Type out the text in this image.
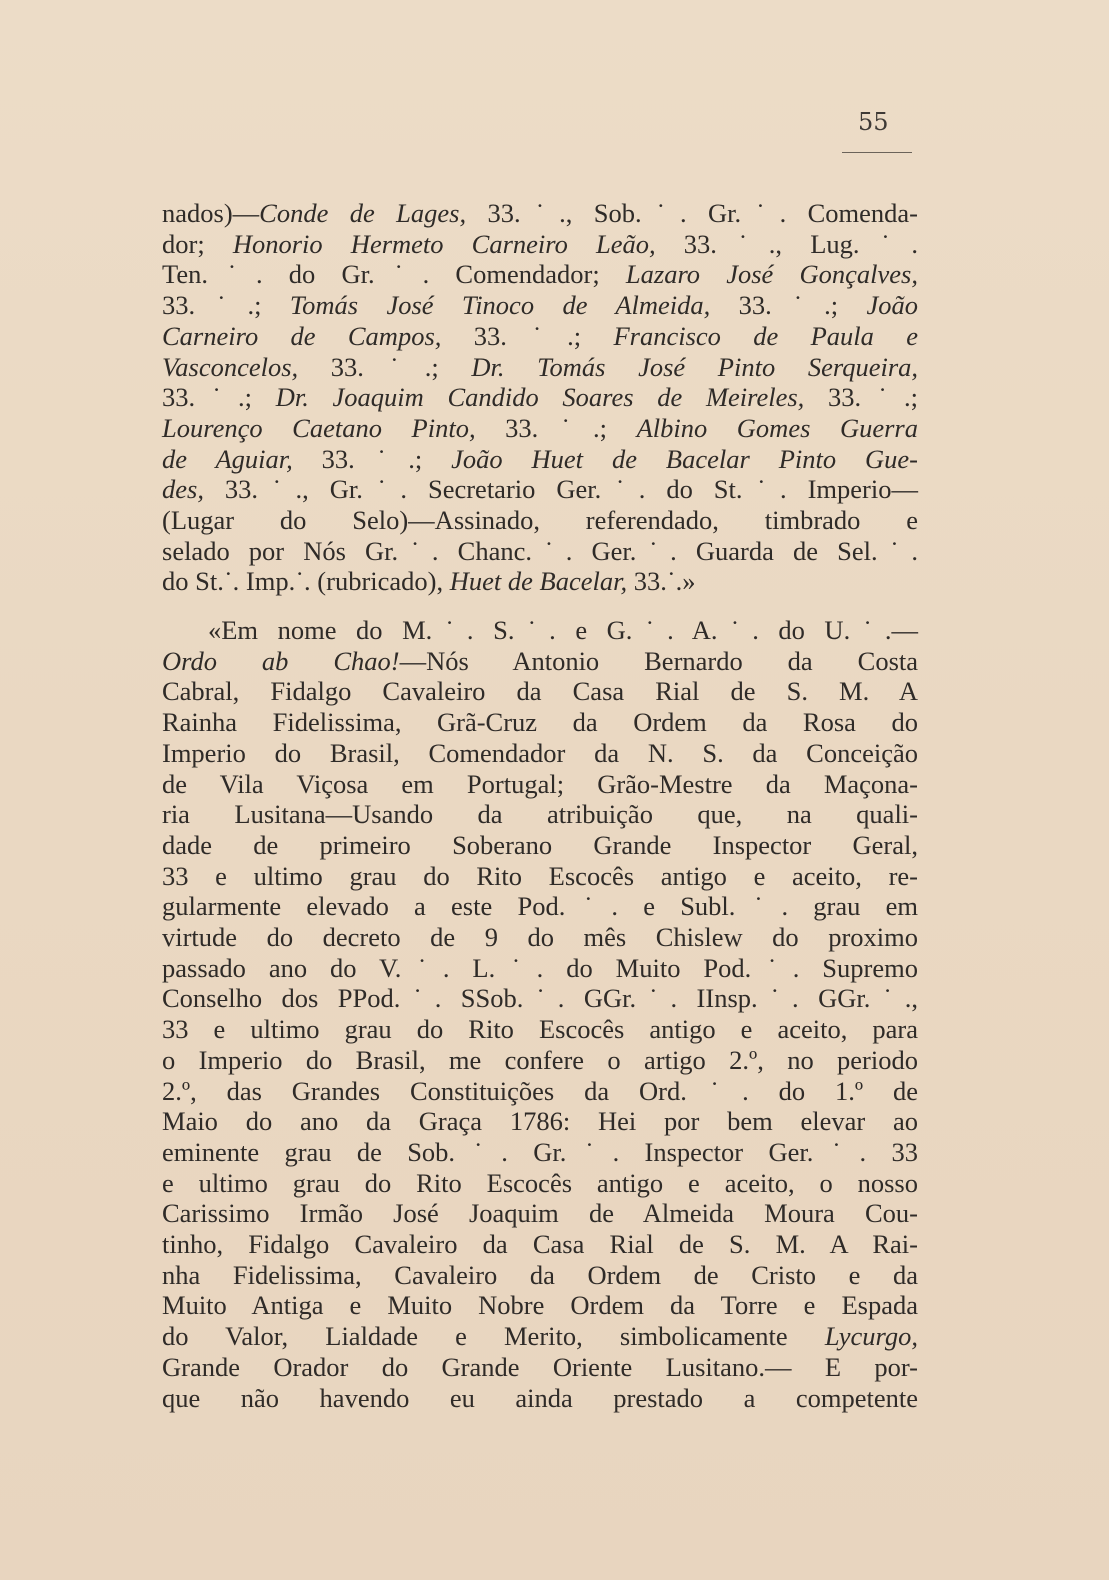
55
nados)—Conde de Lages, 33.˙., Sob.˙. Gr.˙. Comenda-
dor; Honorio Hermeto Carneiro Leão, 33.˙., Lug.˙.
Ten.˙. do Gr.˙. Comendador; Lazaro José Gonçalves,
33.˙.; Tomás José Tinoco de Almeida, 33.˙.; João
Carneiro de Campos, 33.˙.; Francisco de Paula e
Vasconcelos, 33.˙.; Dr. Tomás José Pinto Serqueira,
33.˙.; Dr. Joaquim Candido Soares de Meireles, 33.˙.;
Lourenço Caetano Pinto, 33.˙.; Albino Gomes Guerra
de Aguiar, 33.˙.; João Huet de Bacelar Pinto Gue-
des, 33.˙., Gr.˙. Secretario Ger.˙. do St.˙. Imperio—
(Lugar do Selo)—Assinado, referendado, timbrado e
selado por Nós Gr.˙. Chanc.˙. Ger.˙. Guarda de Sel.˙.
do St.˙. Imp.˙. (rubricado), Huet de Bacelar, 33.˙.»
«Em nome do M.˙. S.˙. e G.˙. A.˙. do U.˙.—
Ordo ab Chao!—Nós Antonio Bernardo da Costa
Cabral, Fidalgo Cavaleiro da Casa Rial de S. M. A
Rainha Fidelissima, Grã-Cruz da Ordem da Rosa do
Imperio do Brasil, Comendador da N. S. da Conceição
de Vila Viçosa em Portugal; Grão-Mestre da Maçona-
ria Lusitana—Usando da atribuição que, na quali-
dade de primeiro Soberano Grande Inspector Geral,
33 e ultimo grau do Rito Escocês antigo e aceito, re-
gularmente elevado a este Pod.˙. e Subl.˙. grau em
virtude do decreto de 9 do mês Chislew do proximo
passado ano do V.˙. L.˙. do Muito Pod.˙. Supremo
Conselho dos PPod.˙. SSob.˙. GGr.˙. IInsp.˙. GGr.˙.,
33 e ultimo grau do Rito Escocês antigo e aceito, para
o Imperio do Brasil, me confere o artigo 2.º, no periodo
2.º, das Grandes Constituições da Ord.˙. do 1.º de
Maio do ano da Graça 1786: Hei por bem elevar ao
eminente grau de Sob.˙. Gr.˙. Inspector Ger.˙. 33
e ultimo grau do Rito Escocês antigo e aceito, o nosso
Carissimo Irmão José Joaquim de Almeida Moura Cou-
tinho, Fidalgo Cavaleiro da Casa Rial de S. M. A Rai-
nha Fidelissima, Cavaleiro da Ordem de Cristo e da
Muito Antiga e Muito Nobre Ordem da Torre e Espada
do Valor, Lialdade e Merito, simbolicamente Lycurgo,
Grande Orador do Grande Oriente Lusitano.— E por-
que não havendo eu ainda prestado a competente
